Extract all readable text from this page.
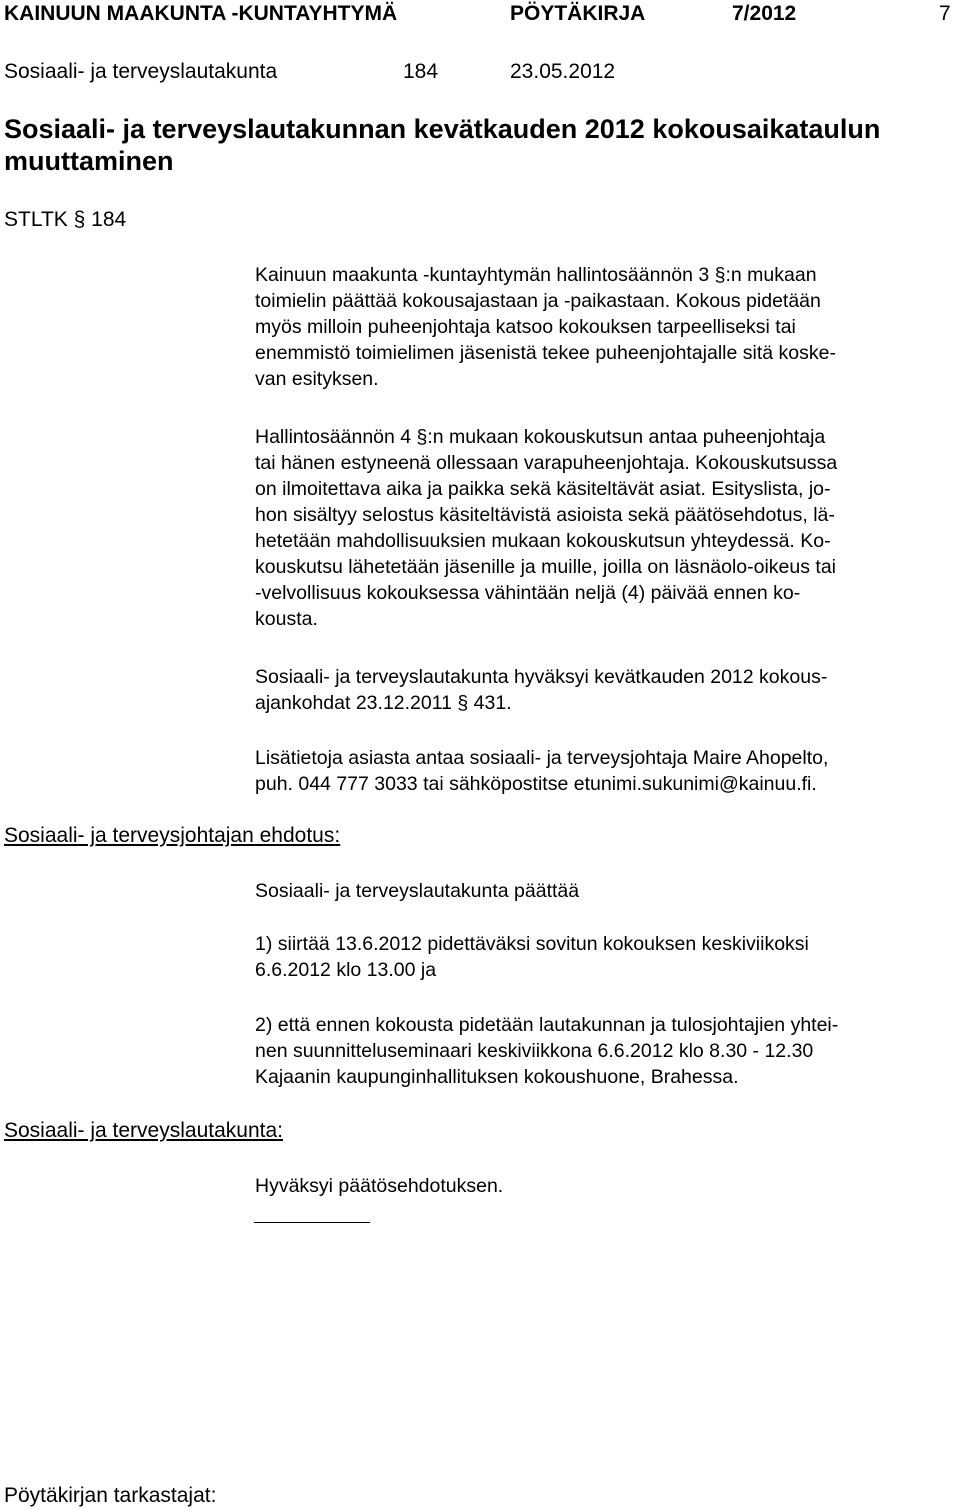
KAINUUN MAAKUNTA -KUNTAYHTYMÄ	PÖYTÄKIRJA	7/2012	7
Sosiaali- ja terveyslautakunta	184	23.05.2012
Sosiaali- ja terveyslautakunnan kevätkauden 2012 kokousaikataulun muuttaminen
STLTK § 184
Kainuun maakunta -kuntayhtymän hallintosäännön 3 §:n mukaan
toimielin päättää kokousajastaan ja -paikastaan. Kokous pidetään
myös milloin puheenjohtaja katsoo kokouksen tarpeelliseksi tai
enemmistö toimielimen jäsenistä tekee puheenjohtajalle sitä koske-
van esityksen.
Hallintosäännön 4 §:n mukaan kokouskutsun antaa puheenjohtaja
tai hänen estyneenä ollessaan varapuheenjohtaja. Kokouskutsussa
on ilmoitettava aika ja paikka sekä käsiteltävät asiat. Esityslista, jo-
hon sisältyy selostus käsiteltävistä asioista sekä päätösehdotus, lä-
hetetään mahdollisuuksien mukaan kokouskutsun yhteydessä. Ko-
kouskutsu lähetetään jäsenille ja muille, joilla on läsnäolo-oikeus tai
-velvollisuus kokouksessa vähintään neljä (4) päivää ennen ko-
kousta.
Sosiaali- ja terveyslautakunta hyväksyi kevätkauden 2012 kokous-
ajankohdat 23.12.2011 § 431.
Lisätietoja asiasta antaa sosiaali- ja terveysjohtaja Maire Ahopelto,
puh. 044 777 3033 tai sähköpostitse etunimi.sukunimi@kainuu.fi.
Sosiaali- ja terveysjohtajan ehdotus:
Sosiaali- ja terveyslautakunta päättää
1) siirtää 13.6.2012 pidettäväksi sovitun kokouksen keskiviikoksi
6.6.2012 klo 13.00 ja
2) että ennen kokousta pidetään lautakunnan ja tulosjohtajien yhtei-
nen suunnitteluseminaari keskiviikkona 6.6.2012 klo 8.30 - 12.30
Kajaanin kaupunginhallituksen kokoushuone, Brahessa.
Sosiaali- ja terveyslautakunta:
Hyväksyi päätösehdotuksen.
Pöytäkirjan tarkastajat:
